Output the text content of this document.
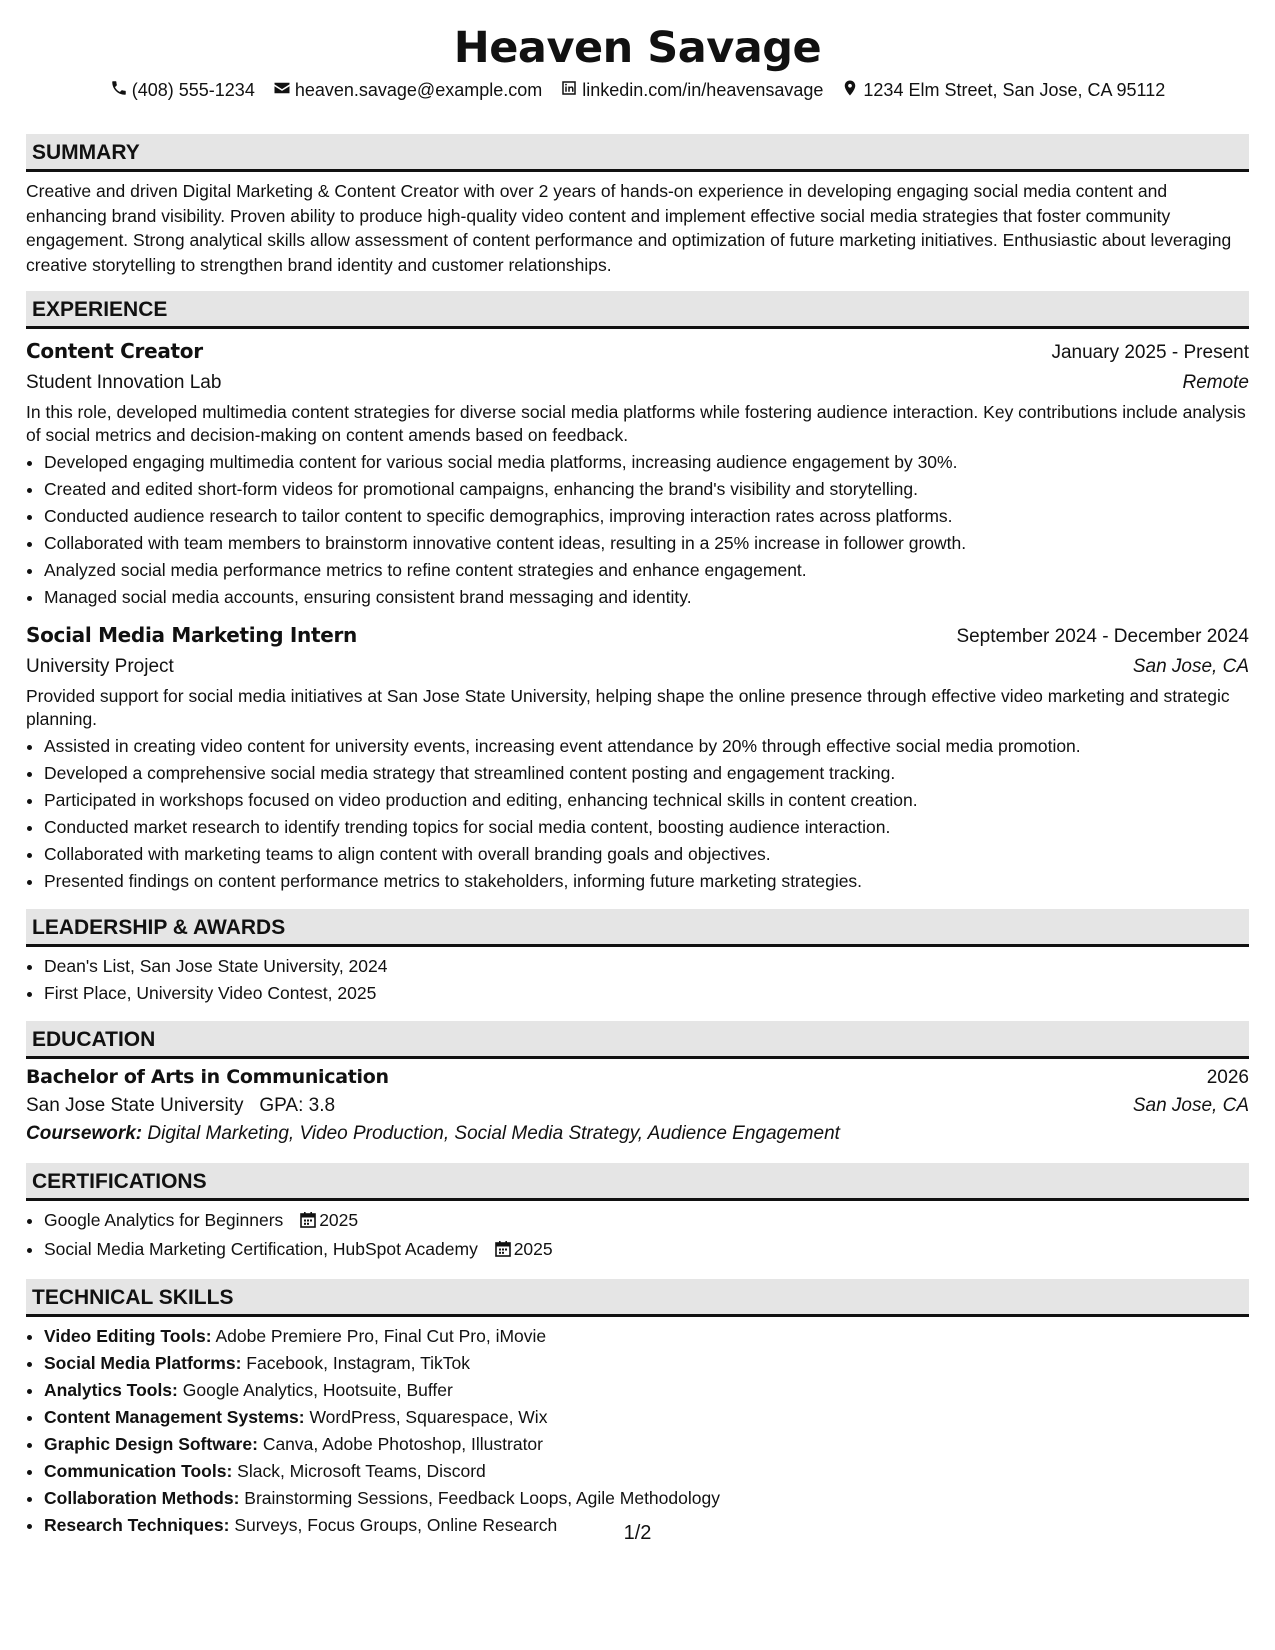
Heaven Savage
(408) 555-1234 heaven.savage@example.com linkedin.com/in/heavensavage 1234 Elm Street, San Jose, CA 95112
SUMMARY
Creative and driven Digital Marketing & Content Creator with over 2 years of hands-on experience in developing engaging social media content and enhancing brand visibility. Proven ability to produce high-quality video content and implement effective social media strategies that foster community engagement. Strong analytical skills allow assessment of content performance and optimization of future marketing initiatives. Enthusiastic about leveraging creative storytelling to strengthen brand identity and customer relationships.
EXPERIENCE
Content Creator	January 2025 - Present
Student Innovation Lab	Remote
In this role, developed multimedia content strategies for diverse social media platforms while fostering audience interaction. Key contributions include analysis of social metrics and decision-making on content amends based on feedback.
• Developed engaging multimedia content for various social media platforms, increasing audience engagement by 30%.
• Created and edited short-form videos for promotional campaigns, enhancing the brand's visibility and storytelling.
• Conducted audience research to tailor content to specific demographics, improving interaction rates across platforms.
• Collaborated with team members to brainstorm innovative content ideas, resulting in a 25% increase in follower growth.
• Analyzed social media performance metrics to refine content strategies and enhance engagement.
• Managed social media accounts, ensuring consistent brand messaging and identity.
Social Media Marketing Intern	September 2024 - December 2024
University Project	San Jose, CA
Provided support for social media initiatives at San Jose State University, helping shape the online presence through effective video marketing and strategic planning.
• Assisted in creating video content for university events, increasing event attendance by 20% through effective social media promotion.
• Developed a comprehensive social media strategy that streamlined content posting and engagement tracking.
• Participated in workshops focused on video production and editing, enhancing technical skills in content creation.
• Conducted market research to identify trending topics for social media content, boosting audience interaction.
• Collaborated with marketing teams to align content with overall branding goals and objectives.
• Presented findings on content performance metrics to stakeholders, informing future marketing strategies.
LEADERSHIP & AWARDS
• Dean's List, San Jose State University, 2024
• First Place, University Video Contest, 2025
EDUCATION
Bachelor of Arts in Communication	2026
San Jose State University GPA: 3.8	San Jose, CA
Coursework: Digital Marketing, Video Production, Social Media Strategy, Audience Engagement
CERTIFICATIONS
• Google Analytics for Beginners 2025
• Social Media Marketing Certification, HubSpot Academy 2025
TECHNICAL SKILLS
• Video Editing Tools: Adobe Premiere Pro, Final Cut Pro, iMovie
• Social Media Platforms: Facebook, Instagram, TikTok
• Analytics Tools: Google Analytics, Hootsuite, Buffer
• Content Management Systems: WordPress, Squarespace, Wix
• Graphic Design Software: Canva, Adobe Photoshop, Illustrator
• Communication Tools: Slack, Microsoft Teams, Discord
• Collaboration Methods: Brainstorming Sessions, Feedback Loops, Agile Methodology
• Research Techniques: Surveys, Focus Groups, Online Research	1/2
